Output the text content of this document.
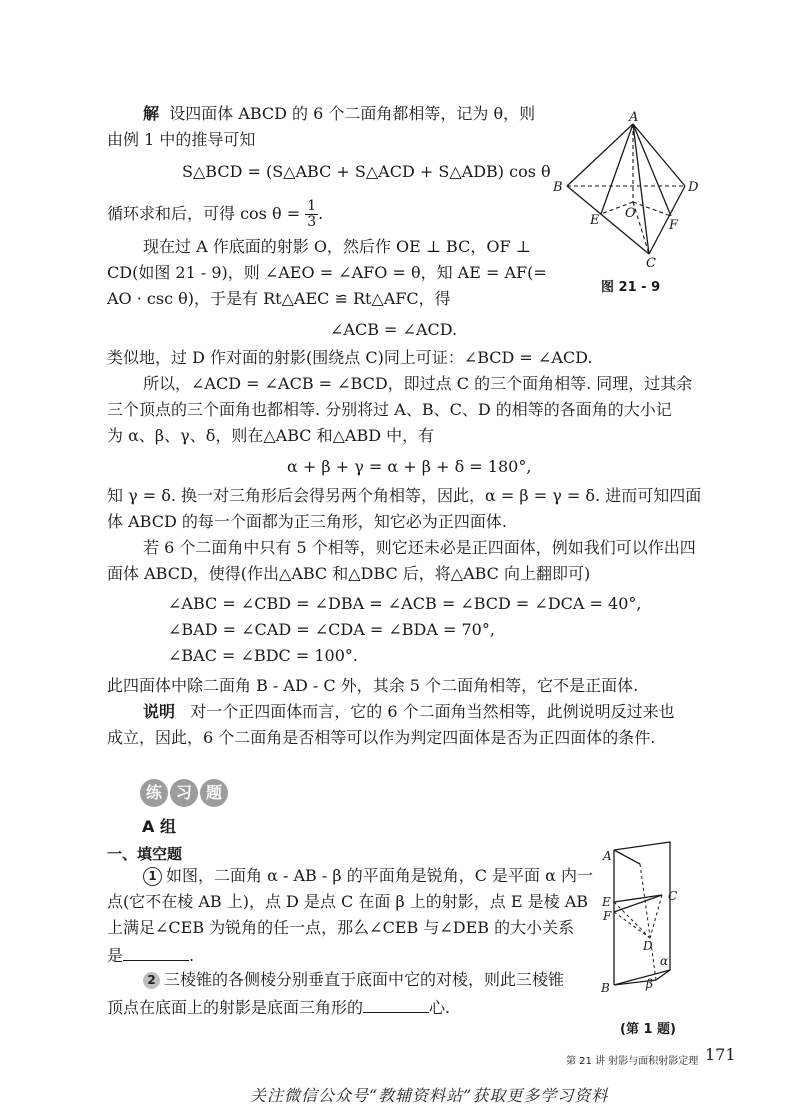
解 设四面体 ABCD 的 6 个二面角都相等，记为 θ，则
由例 1 中的推导可知
S△BCD = (S△ABC + S△ACD + S△ADB) cos θ
循环求和后，可得 $\cos \theta = \frac{1}{3}$ .
现在过 A 作底面的射影 O，然后作 OE ⊥ BC，OF ⊥
CD(如图 21 - 9)，则 ∠AEO = ∠AFO = θ，知 AE = AF(=
AO · csc θ)，于是有 Rt△AEC ≌ Rt△AFC，得
∠ACB = ∠ACD.
类似地，过 D 作对面的射影(围绕点 C)同上可证：∠BCD = ∠ACD.
所以，∠ACD = ∠ACB = ∠BCD，即过点 C 的三个面角相等. 同理，过其余
三个顶点的三个面角也都相等. 分别将过 A、B、C、D 的相等的各面角的大小记
为 α、β、γ、δ，则在△ABC 和△ABD 中，有
α + β + γ = α + β + δ = 180°,
知 γ = δ. 换一对三角形后会得另两个角相等，因此，α = β = γ = δ. 进而可知四面
体 ABCD 的每一个面都为正三角形，知它必为正四面体.
若 6 个二面角中只有 5 个相等，则它还未必是正四面体，例如我们可以作出四
面体 ABCD，使得(作出△ABC 和△DBC 后，将△ABC 向上翻即可)
∠ABC = ∠CBD = ∠DBA = ∠ACB = ∠BCD = ∠DCA = 40°,
∠BAD = ∠CAD = ∠CDA = ∠BDA = 70°,
∠BAC = ∠BDC = 100°.
此四面体中除二面角 B - AD - C 外，其余 5 个二面角相等，它不是正面体.
说明 对一个正四面体而言，它的 6 个二面角当然相等，此例说明反过来也
成立，因此，6 个二面角是否相等可以作为判定四面体是否为正四面体的条件.
A
B	D
C
E	F
O
图 21 - 9
练 习 题
A 组
一、填空题
1 如图，二面角 α - AB - β 的平面角是锐角，C 是平面 α 内一
点(它不在棱 AB 上)，点 D 是点 C 在面 β 上的射影，点 E 是棱 AB
上满足∠CEB 为锐角的任一点，那么∠CEB 与∠DEB 的大小关系
是	.
2 三棱锥的各侧棱分别垂直于底面中它的对棱，则此三棱锥
顶点在底面上的射影是底面三角形的	心.
A
B
C
D
E
F
α
β
(第 1 题)
第 21 讲 射影与面积射影定理 171
关注微信公众号“教辅资料站”获取更多学习资料
